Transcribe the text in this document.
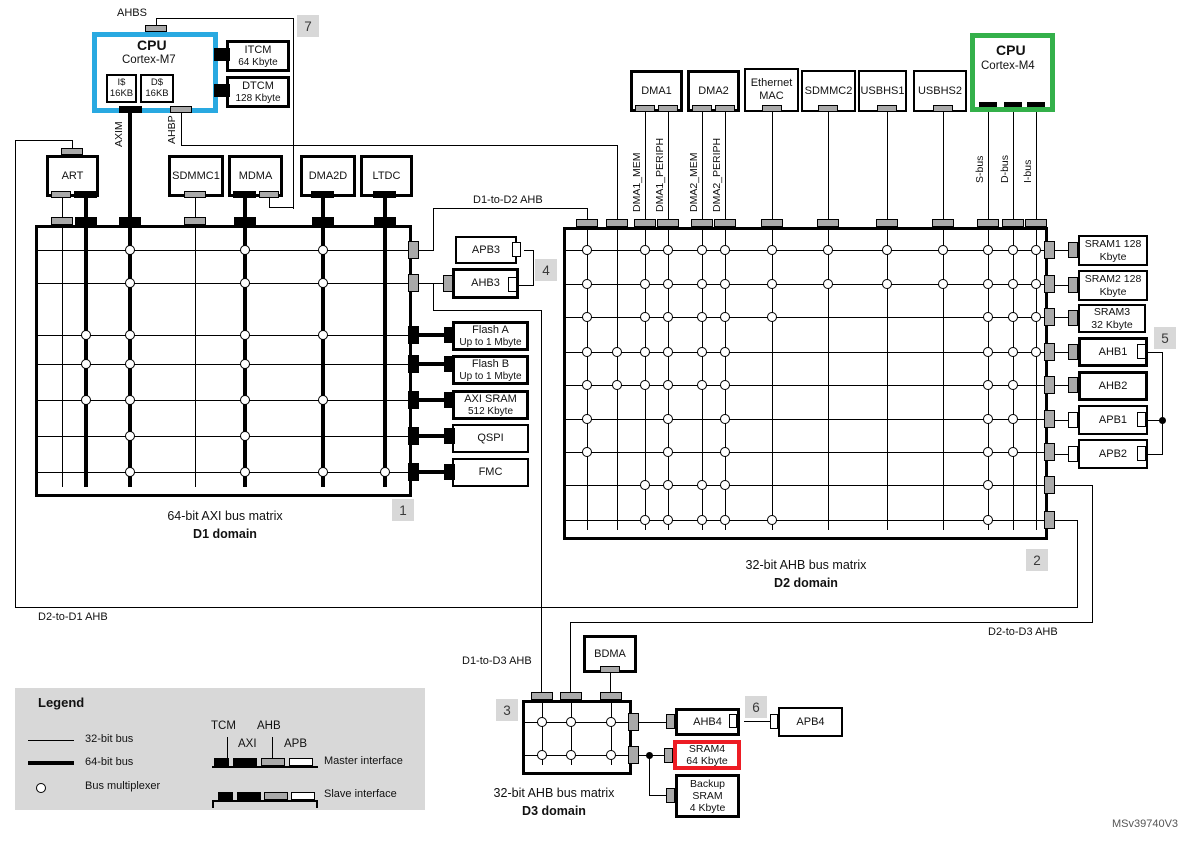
CPU
Cortex-M7
I$
16KB
D$
16KB
AHBS
AXIM	AHBP
ITCM
64 Kbyte
DTCM
128 Kbyte
ART	SDMMC1 MDMA	DMA2D LTDC
APB3
AHB3
Flash A
Up to 1 Mbyte
Flash B
Up to 1 Mbyte
AXI SRAM
512 Kbyte
QSPI
FMC
DMA1 DMA2
Ethernet
MAC SDMMC2 USBHS1 USBHS2
DMA1_MEM DMA1_PERIPH DMA2_MEM DMA2_PERIPH
CPU
Cortex-M4
S-bus D-bus I-bus
SRAM1 128
Kbyte
SRAM2 128
Kbyte
SRAM3
32 Kbyte
AHB1
AHB2
APB1
APB2
BDMA
AHB4	APB4
SRAM4
64 Kbyte
Backup
SRAM
4 Kbyte
64-bit AXI bus matrix
D1 domain
32-bit AHB bus matrix
D2 domain
32-bit AHB bus matrix
D3 domain
D1-to-D2 AHB
D2-to-D1 AHB
D1-to-D3 AHB
D2-to-D3 AHB
1
2
3
4
5
6
7
MSv39740V3
Legend
32-bit bus
64-bit bus
Bus multiplexer
TCM AHB
AXI APB
Master interface
Slave interface
